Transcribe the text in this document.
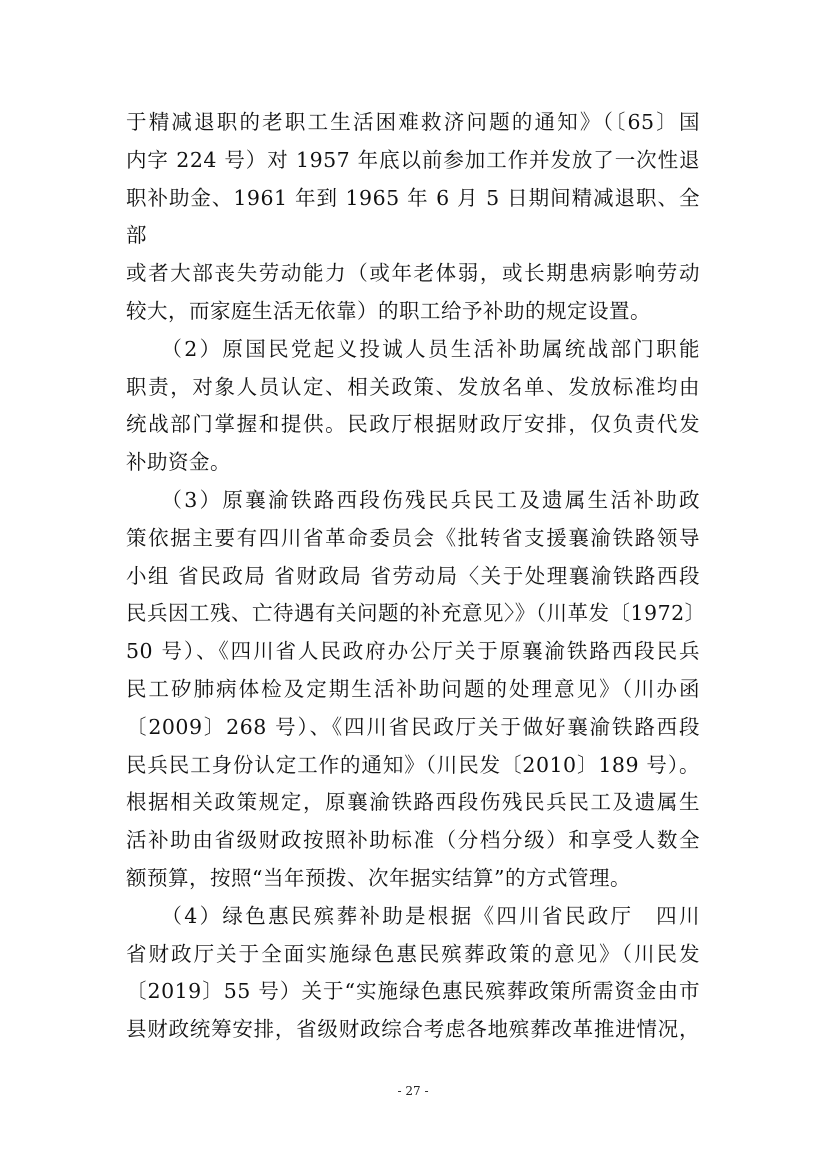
于精减退职的老职工生活困难救济问题的通知》（〔65〕国

内字 224 号）对 1957 年底以前参加工作并发放了一次性退

职补助金、1961 年到 1965 年 6 月 5 日期间精减退职、全部

或者大部丧失劳动能力（或年老体弱，或长期患病影响劳动

较大，而家庭生活无依靠）的职工给予补助的规定设置。

　　（2）原国民党起义投诚人员生活补助属统战部门职能

职责，对象人员认定、相关政策、发放名单、发放标准均由

统战部门掌握和提供。民政厅根据财政厅安排，仅负责代发

补助资金。

　　（3）原襄渝铁路西段伤残民兵民工及遗属生活补助政

策依据主要有四川省革命委员会《批转省支援襄渝铁路领导

小组 省民政局 省财政局 省劳动局〈关于处理襄渝铁路西段

民兵因工残、亡待遇有关问题的补充意见〉》（川革发〔1972〕

50 号）、《四川省人民政府办公厅关于原襄渝铁路西段民兵

民工矽肺病体检及定期生活补助问题的处理意见》（川办函

〔2009〕268 号）、《四川省民政厅关于做好襄渝铁路西段

民兵民工身份认定工作的通知》（川民发〔2010〕189 号）。

根据相关政策规定，原襄渝铁路西段伤残民兵民工及遗属生

活补助由省级财政按照补助标准（分档分级）和享受人数全

额预算，按照“当年预拨、次年据实结算”的方式管理。

　　（4）绿色惠民殡葬补助是根据《四川省民政厅　四川

省财政厅关于全面实施绿色惠民殡葬政策的意见》（川民发

〔2019〕55 号）关于“实施绿色惠民殡葬政策所需资金由市

县财政统筹安排，省级财政综合考虑各地殡葬改革推进情况，

- 27 -
